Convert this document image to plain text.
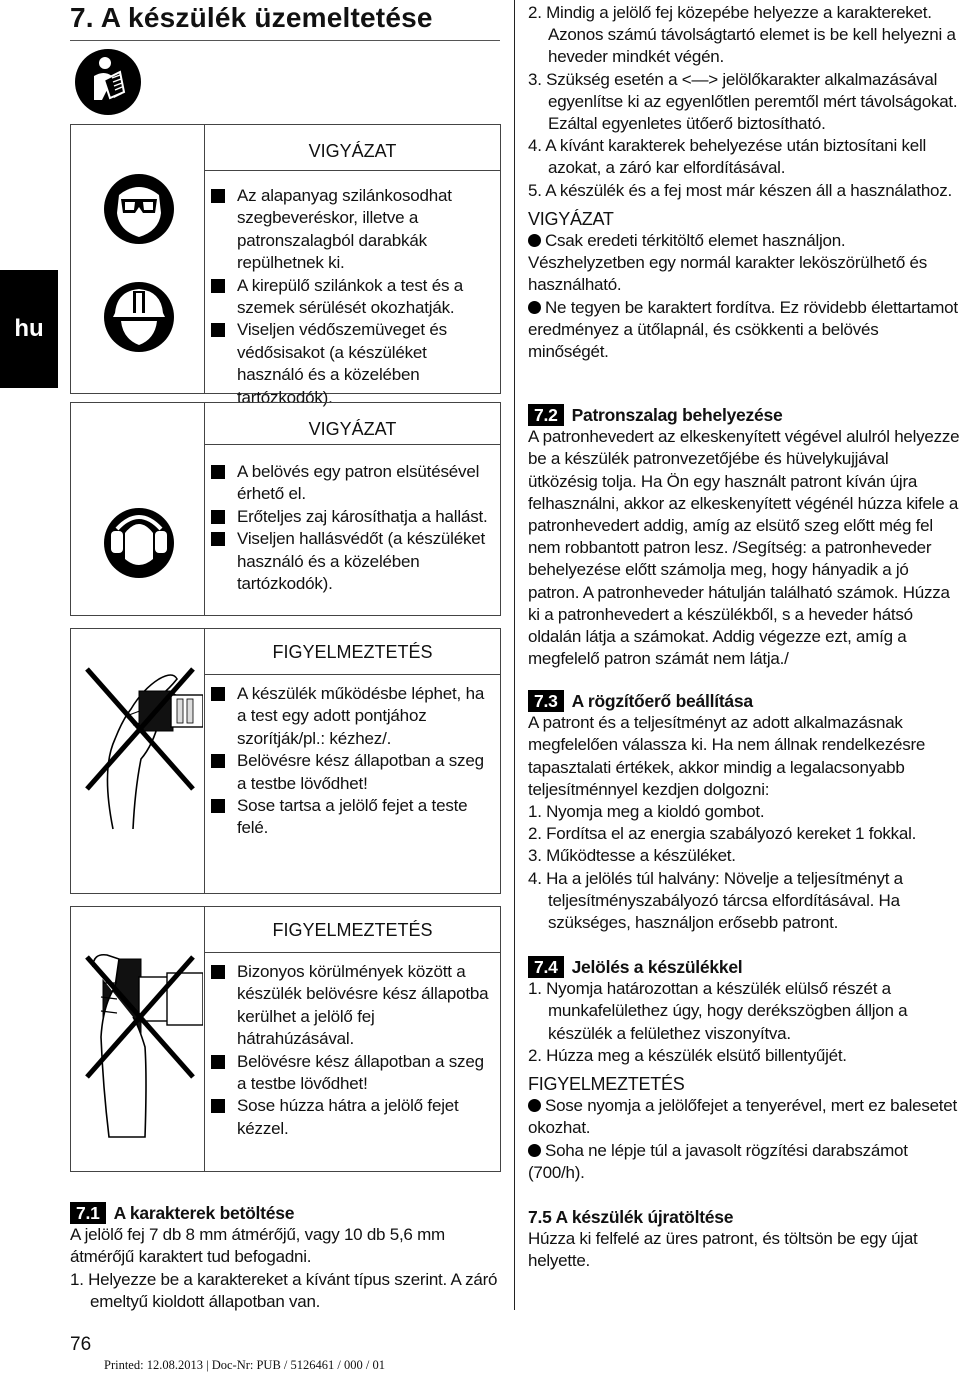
hu
7. A készülék üzemeltetése
VIGYÁZAT
Az alapanyag szilánkosodhat szegbeveréskor, illetve a patronszalagból darabkák repülhetnek ki.
A kirepülő szilánkok a test és a szemek sérülését okozhatják.
Viseljen védőszemüveget és védősisakot (a készüléket használó és a közelében tartózkodók).
VIGYÁZAT
A belövés egy patron elsütésével érhető el.
Erőteljes zaj károsíthatja a hallást.
Viseljen hallásvédőt (a készüléket használó és a közelében tartózkodók).
FIGYELMEZTETÉS
A készülék működésbe léphet, ha a test egy adott pontjához szorítják/pl.: kézhez/.
Belövésre kész állapotban a szeg a testbe lövődhet!
Sose tartsa a jelölő fejet a teste felé.
FIGYELMEZTETÉS
Bizonyos körülmények között a készülék belövésre kész állapotba kerülhet a jelölő fej hátrahúzásával.
Belövésre kész állapotban a szeg a testbe lövődhet!
Sose húzza hátra a jelölő fejet kézzel.
7.1 A karakterek betöltése

A jelölő fej 7 db 8 mm átmérőjű, vagy 10 db 5,6 mm átmérőjű karaktert tud befogadni.

1. Helyezze be a karaktereket a kívánt típus szerint. A záró emeltyű kioldott állapotban van.

2. Mindig a jelölő fej közepébe helyezze a karaktereket. Azonos számú távolságtartó elemet is be kell helyezni a heveder mindkét végén.

3. Szükség esetén a <—> jelölőkarakter alkalmazásával egyenlítse ki az egyenlőtlen peremtől mért távolságokat. Ezáltal egyenletes ütőerő biztosítható.

4. A kívánt karakterek behelyezése után biztosítani kell azokat, a záró kar elfordításával.

5. A készülék és a fej most már készen áll a használathoz.

VIGYÁZAT

Csak eredeti térkitöltő elemet használjon. Vészhelyzetben egy normál karakter leköszörülhető és használható.

Ne tegyen be karaktert fordítva. Ez rövidebb élettartamot eredményez a ütőlapnál, és csökkenti a belövés minőségét.

7.2 Patronszalag behelyezése

A patronhevedert az elkeskenyített végével alulról helyezze be a készülék patronvezetőjébe és hüvelykujjával ütközésig tolja. Ha Ön egy használt patront kíván újra felhasználni, akkor az elkeskenyített végénél húzza kifele a patronhevedert addig, amíg az elsütő szeg előtt még fel nem robbantott patron lesz. /Segítség: a patronheveder behelyezése előtt számolja meg, hogy hányadik a jó patron. A patronheveder hátulján található számok. Húzza ki a patronhevedert a készülékből, s a heveder hátsó oldalán látja a számokat. Addig végezze ezt, amíg a megfelelő patron számát nem látja./

7.3 A rögzítőerő beállítása

A patront és a teljesítményt az adott alkalmazásnak megfelelően válassza ki. Ha nem állnak rendelkezésre tapasztalati értékek, akkor mindig a legalacsonyabb teljesítménnyel kezdjen dolgozni:

1. Nyomja meg a kioldó gombot.

2. Fordítsa el az energia szabályozó kereket 1 fokkal.

3. Működtesse a készüléket.

4. Ha a jelölés túl halvány: Növelje a teljesítményt a teljesítményszabályozó tárcsa elfordításával. Ha szükséges, használjon erősebb patront.

7.4 Jelölés a készülékkel

1. Nyomja határozottan a készülék elülső részét a munkafelülethez úgy, hogy derékszögben álljon a készülék a felülethez viszonyítva.

2. Húzza meg a készülék elsütő billentyűjét.

FIGYELMEZTETÉS

Sose nyomja a jelölőfejet a tenyerével, mert ez balesetet okozhat.

Soha ne lépje túl a javasolt rögzítési darabszámot (700/h).

7.5 A készülék újratöltése

Húzza ki felfelé az üres patront, és töltsön be egy újat helyette.

76
Printed: 12.08.2013 | Doc-Nr: PUB / 5126461 / 000 / 01
